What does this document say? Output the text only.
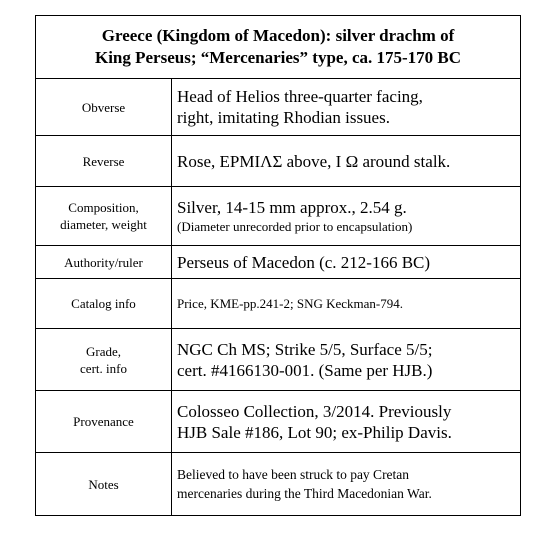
Greece (Kingdom of Macedon): silver drachm of
King Perseus; “Mercenaries” type, ca. 175-170 BC
Obverse
Head of Helios three-quarter facing,
right, imitating Rhodian issues.
Reverse	Rose, ΕΡΜΙΛΣ above, Ι Ω around stalk.
Composition,
diameter, weight
Silver, 14-15 mm approx., 2.54 g.
(Diameter unrecorded prior to encapsulation)
Authority/ruler Perseus of Macedon (c. 212-166 BC)
Catalog info	Price, KME-pp.241-2; SNG Keckman-794.
Grade,
cert. info
NGC Ch MS; Strike 5/5, Surface 5/5;
cert. #4166130-001. (Same per HJB.)
Provenance
Colosseo Collection, 3/2014. Previously
HJB Sale #186, Lot 90; ex-Philip Davis.
Notes
Believed to have been struck to pay Cretan
mercenaries during the Third Macedonian War.
